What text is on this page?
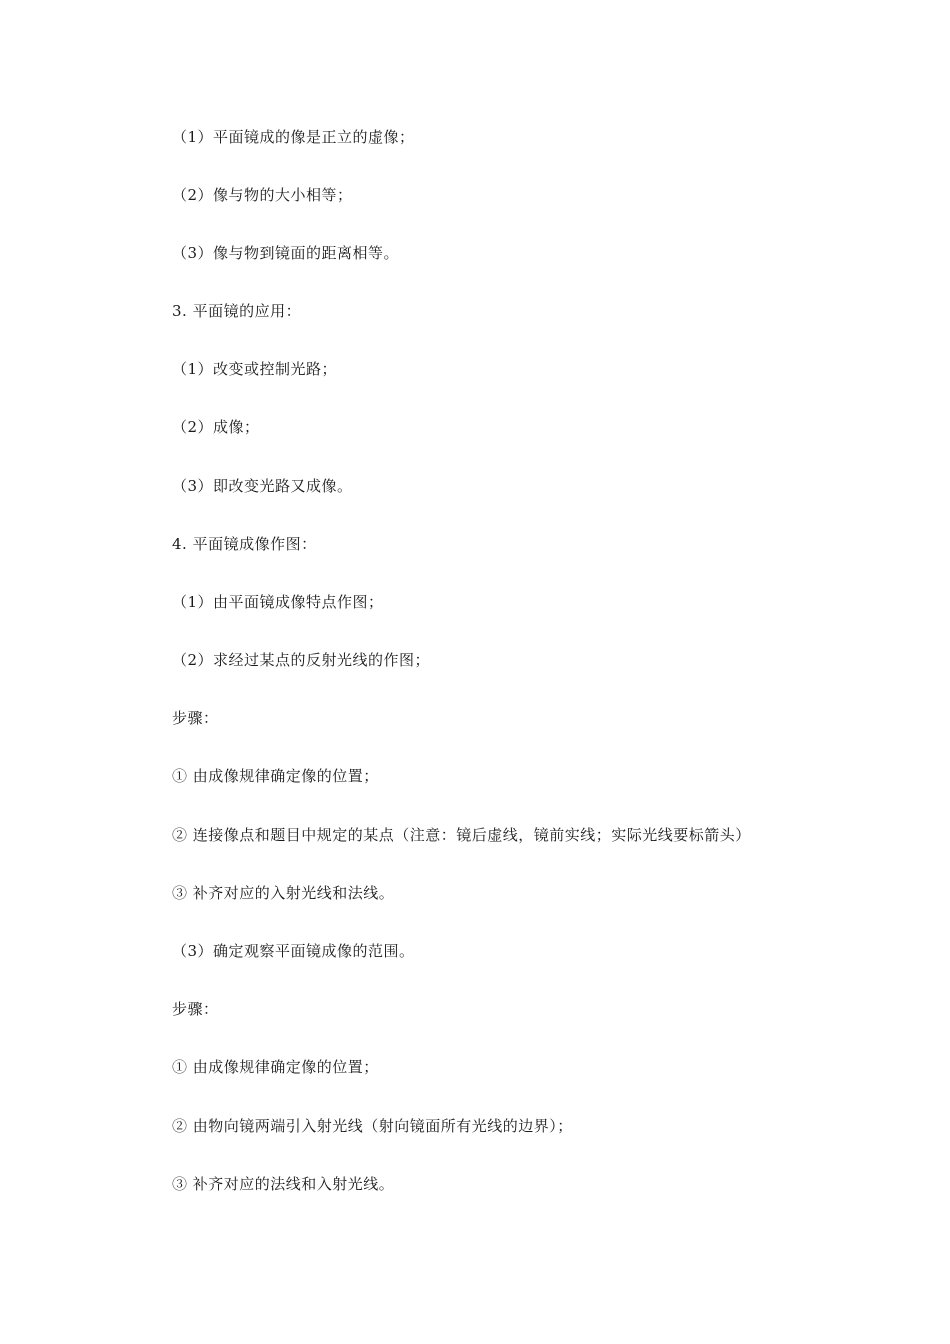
（1）平面镜成的像是正立的虚像；
（2）像与物的大小相等；
（3）像与物到镜面的距离相等。
3. 平面镜的应用：
（1）改变或控制光路；
（2）成像；
（3）即改变光路又成像。
4. 平面镜成像作图：
（1）由平面镜成像特点作图；
（2）求经过某点的反射光线的作图；
步骤：
① 由成像规律确定像的位置；
② 连接像点和题目中规定的某点（注意：镜后虚线，镜前实线；实际光线要标箭头）
③ 补齐对应的入射光线和法线。
（3）确定观察平面镜成像的范围。
步骤：
① 由成像规律确定像的位置；
② 由物向镜两端引入射光线（射向镜面所有光线的边界）；
③ 补齐对应的法线和入射光线。
